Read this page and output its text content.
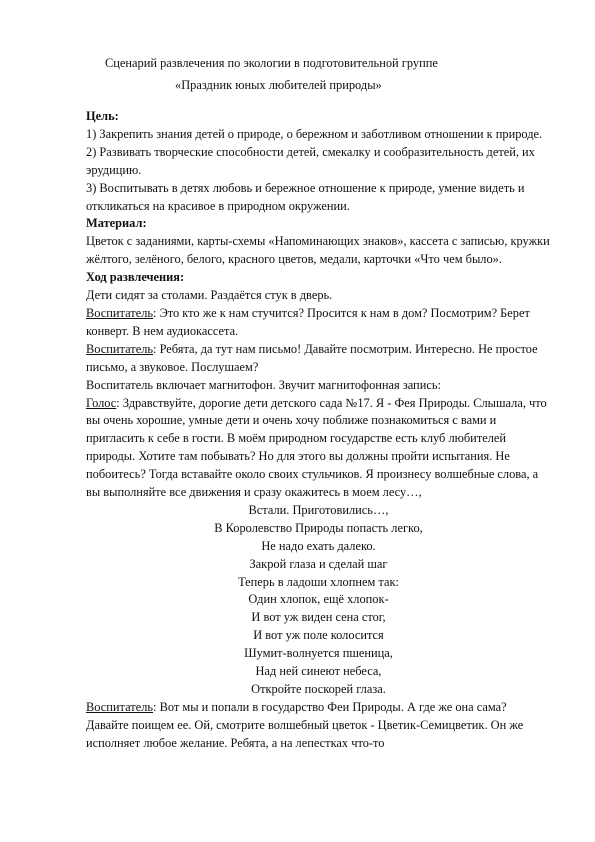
Сценарий развлечения по экологии в подготовительной группе
«Праздник юных любителей природы»

Цель:

1) Закрепить знания детей о природе, о бережном и заботливом отношении к природе.

2) Развивать творческие способности детей, смекалку и сообразительность детей, их эрудицию.

3) Воспитывать в детях любовь и бережное отношение к природе, умение видеть и откликаться на красивое в природном окружении.

Материал:

Цветок с заданиями, карты-схемы «Напоминающих знаков», кассета с записью, кружки жёлтого, зелёного, белого, красного цветов, медали, карточки «Что чем было».

Ход развлечения:

Дети сидят за столами. Раздаётся стук в дверь.

Воспитатель: Это кто же к нам стучится? Просится к нам в дом? Посмотрим? Берет конверт. В нем аудиокассета.

Воспитатель: Ребята, да тут нам письмо! Давайте посмотрим. Интересно. Не простое письмо, а звуковое. Послушаем?

Воспитатель включает магнитофон. Звучит магнитофонная запись:

Голос: Здравствуйте, дорогие дети детского сада №17. Я - Фея Природы. Слышала, что вы очень хорошие, умные дети и очень хочу поближе познакомиться с вами и пригласить к себе в гости. В моём природном государстве есть клуб любителей природы. Хотите там побывать? Но для этого вы должны пройти испытания. Не побоитесь? Тогда вставайте около своих стульчиков. Я произнесу волшебные слова, а вы выполняйте все движения и сразу окажитесь в моем лесу…,

Встали. Приготовились…,

В Королевство Природы попасть легко,

Не надо ехать далеко.

Закрой глаза и сделай шаг

Теперь в ладоши хлопнем так:

Один хлопок, ещё хлопок-

И вот уж виден сена стог,

И вот уж поле колосится

Шумит-волнуется пшеница,

Над ней синеют небеса,

Откройте поскорей глаза.

Воспитатель: Вот мы и попали в государство Феи Природы. А где же она сама? Давайте поищем ее. Ой, смотрите волшебный цветок - Цветик-Семицветик. Он же исполняет любое желание. Ребята, а на лепестках что-то
